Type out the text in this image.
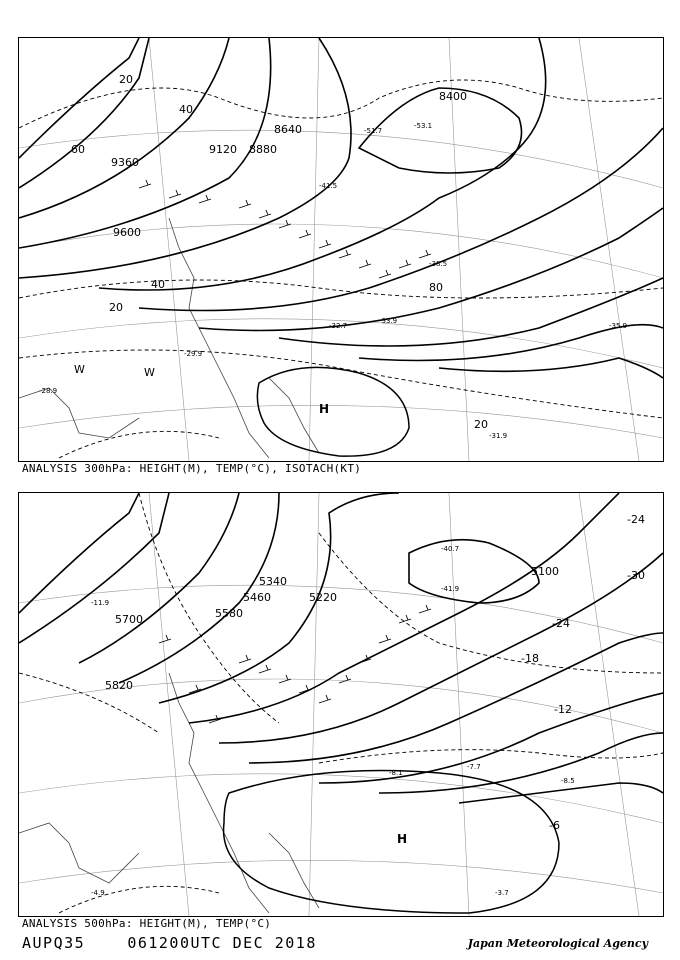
9360
9120 8880
8640
9600
8400
20
40
60
80
40
20
20
-51.7
-53.1
-41.5
-35.9
-32.7
-33.9
-31.9
-29.9
-28.9
-38.5
H
W	W
ANALYSIS 300hPa: HEIGHT(M), TEMP(°C), ISOTACH(KT)
5700
5820
5580
5340
5220
5100
5460
-24
-30
-24
-18
-12
-6
-40.7
-41.9
-7.7
-8.5
-3.7
-8.1
-4.9
-11.9
H
ANALYSIS 500hPa: HEIGHT(M), TEMP(°C)
AUPQ35	061200UTC DEC 2018	Japan Meteorological Agency
